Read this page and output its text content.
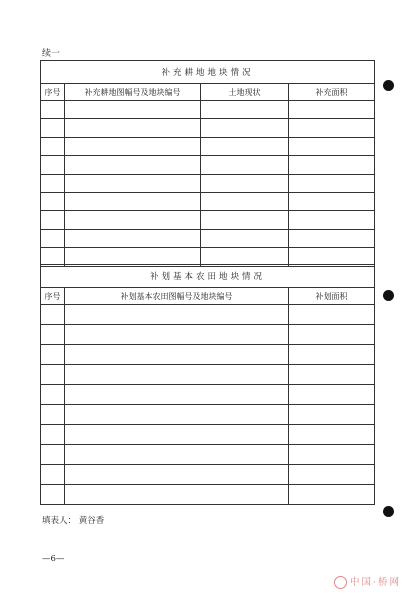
续一
补充耕地地块情况			
序号	补充耕地图幅号及地块编号	土地现状	补充面积

补划基本农田地块情况		
序号	补划基本农田图幅号及地块编号	补划面积

填表人： 黄谷香
—6—
中国·桥网
